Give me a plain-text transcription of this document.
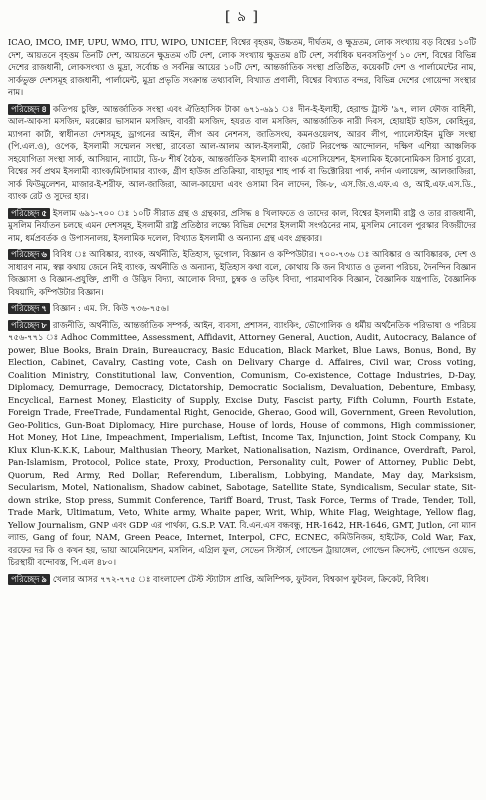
[ ৯ ]

ICAO, IMCO, IMF, UPU, WMO, ITU, WIPO, UNICEF, বিশ্বের বৃহত্তম, উচ্চতম, দীর্ঘতম, ও ক্ষুদ্রতম, লোক সংখ্যায় বড় বিশ্বের ১০টি দেশ, আয়তনে বৃহত্তম তিনটি দেশ, আয়তনে ক্ষুদ্রতম ৩টি দেশ, লোক সংখ্যায় ক্ষুদ্রতম ৪টি দেশ, সর্বাধিক ঘনবসতিপূর্ণ ১০ দেশ, বিশ্বের বিভিন্ন দেশের রাজধানী, লোকসংখ্যা ও মুদ্রা, সর্বোচ্চ ও সর্বনিম্ন আয়ের ১০টি দেশ, আন্তর্জাতিক সংস্থা প্রতিষ্ঠিত, কয়েকটি দেশ ও পার্লামেন্টের নাম, সার্কভুক্ত দেশসমূহ রাজধানী, পার্লামেন্ট, মুদ্রা প্রভৃতি সংক্রান্ত তথ্যাবলি, বিখ্যাত প্রণালী, বিশ্বের বিখ্যাত বন্দর, বিভিন্ন দেশের গোয়েন্দা সংস্থার নাম।

পরিচ্ছেদ ৪ কতিপয় চুক্তি, আন্তর্জাতিক সংস্থা এবং ঐতিহাসিক টাকা ৬৭১-৬৯১ ঃ দীন-ই-ইলাহী, হেরাল্ড ট্রাস্ট '৯৭, লাল ফৌজ বাহিনী, আল-আকসা মসজিদ, মরক্কোর ভাসমান মসজিদ, বাবরী মসজিদ, হযরত বাল মসজিদ, আন্তর্জাতিক নারী দিবস, হোয়াইট হাউস, কোহিনুর, ম্যাগনা কার্টা, স্বাধীনতা দেশসমূহ, ড্রাগনের আইন, লীগ অব নেশনস, জাতিসংঘ, কমনওয়েলথ, আরব লীগ, প্যালেস্টাইন মুক্তি সংস্থা (পি.এল.ও), ওপেক, ইসলামী সম্মেলন সংস্থা, রাবেতা আল-আলম আল-ইসলামী, জোট নিরপেক্ষ আন্দোলন, দক্ষিণ এশিয়া আঞ্চলিক সহযোগিতা সংস্থা সার্ক, আসিয়ান, ন্যাটো, ডি-৮ শীর্ষ বৈঠক, আন্তর্জাতিক ইসলামী ব্যাংক এসোসিয়েশন, ইসলামিক ইকোনোমিকস রিসার্চ ব্যুরো, বিশ্বের সর্ব প্রথম ইসলামী ব্যাংক/মিটগামার ব্যাংক, গ্রীণ হাউজ প্রতিক্রিয়া, বাহাদুর শাহ পার্ক বা ভিক্টোরিয়া পার্ক, নর্দান এলায়েন্স, আলজাজিরা, সার্ক ফিউমুলেশন, মাজার-ই-শরীফ, আল-জাজিরা, আল-কায়েদা এবং ওসামা বিন লাদেন, জি-৮, এস.জি.ও.এফ.এ ও, আই.এফ.এস.ডি., ব্যাংক রেট ও সুদের হার।

পরিচ্ছেদ ৫ ইসলাম ৬৯১-৭০০ ঃ ১০টি সীরাত গ্রন্থ ও গ্রন্থকার, প্রসিদ্ধ ৪ খিলাফতে ও তাদের কাল, বিশ্বের ইসলামী রাষ্ট্র ও তার রাজধানী, মুসলিম নির্যাতন চলছে এমন দেশসমূহ, ইসলামী রাষ্ট্র প্রতিষ্ঠার লক্ষ্যে বিভিন্ন দেশের ইসলামী সংগঠনের নাম, মুসলিম নোবেল পুরস্কার বিজয়ীদের নাম, ধর্মপ্রবর্তক ও উপাসনালয়, ইসলামিক দলেল, বিখ্যাত ইসলামী ও অন্যান্য গ্রন্থ এবং গ্রন্থকার।

পরিচ্ছেদ ৬ বিবিধ ঃ আবিষ্কার, ব্যাংক, অর্থনীতি, ইতিহাস, ভূগোল, বিজ্ঞান ও কম্পিউটার। ৭০০-৭৩৬ ঃ আবিষ্কার ও আবিষ্কারক, দেশ ও সাধারণ নাম, স্বল্প কথায় জেনে নিই ব্যাংক, অর্থনীতি ও অন্যান্য, ইতিহাস কথা বলে, কোথায় কি জন বিখ্যাত ও তুলনা পরিচয়, দৈনন্দিন বিজ্ঞান জিজ্ঞাসা ও বিজ্ঞান-প্রযুক্তি, প্রাণী ও উদ্ভিদ বিদ্যা, আলোক বিদ্যা, চুম্বক ও তড়িৎ বিদ্যা, পারমাণবিক বিজ্ঞান, বৈজ্ঞানিক যন্ত্রপাতি, বৈজ্ঞানিক বিষয়াদি, কম্পিউটার বিজ্ঞান।

পরিচ্ছেদ ৭ বিজ্ঞান : এম. সি. কিউ ৭৩৬-৭৫৬।

পরিচ্ছেদ ৮ রাজনীতি, অর্থনীতি, আন্তর্জাতিক সম্পর্ক, আইন, ব্যবসা, প্রশাসন, ব্যাংকিং, ভৌগোলিক ও ধর্মীয় অর্থনৈতিক পরিভাষা ও পরিচয় ৭৫৬-৭৭১ ঃ Adhoc Committee, Assessment, Affidavit, Attorney General, Auction, Audit, Autocracy, Balance of power, Blue Books, Brain Drain, Bureaucracy, Basic Education, Black Market, Blue Laws, Bonus, Bond, By Election, Cabinet, Cavalry, Casting vote, Cash on Delivary Charge d. Affaires, Civil war, Cross voting, Coalition Ministry, Constitutional law, Convention, Comunism, Co-existence, Cottage Industries, D-Day, Diplomacy, Demurrage, Democracy, Dictatorship, Democratic Socialism, Devaluation, Debenture, Embasy, Encyclical, Earnest Money, Elasticity of Supply, Excise Duty, Fascist party, Fifth Column, Fourth Estate, Foreign Trade, FreeTrade, Fundamental Right, Genocide, Gherao, Good will, Government, Green Revolution, Geo-Politics, Gun-Boat Diplomacy, Hire purchase, House of lords, House of commons, High commissioner, Hot Money, Hot Line, Impeachment, Imperialism, Leftist, Income Tax, Injunction, Joint Stock Company, Ku Klux Klun-K.K.K, Labour, Malthusian Theory, Market, Nationalisation, Nazism, Ordinance, Overdraft, Parol, Pan-Islamism, Protocol, Police state, Proxy, Production, Personality cult, Power of Attorney, Public Debt, Quorum, Red Army, Red Dollar, Referendum, Liberalism, Lobbying, Mandate, May day, Marksism, Secularism, Motel, Nationalism, Shadow cabinet, Sabotage, Satellite State, Syndicalism, Secular state, Sit-down strike, Stop press, Summit Conference, Tariff Board, Trust, Task Force, Terms of Trade, Tender, Toll, Trade Mark, Ultimatum, Veto, White army, Whaite paper, Writ, Whip, White Flag, Weightage, Yellow flag, Yellow Journalism, GNP এবং GDP এর পার্থক্য, G.S.P. VAT. বি.এন.এস বন্ধবন্ধু, HR-1642, HR-1646, GMT, Jutlon, নো ম্যান ল্যান্ড, Gang of four, NAM, Green Peace, Internet, Interpol, CFC, ECNEC, কমিউনিজম, হাইটেক, Cold War, Fax, বরফের দর কি ও কখন হয়, ভায়া আমেনিয়েশন, মসলিন, এগ্রিল ফুল, সেভেন সিস্টার্স, গোল্ডেন ট্রায়াঙ্গেল, গোল্ডেন ক্রিসেন্ট, গোল্ডেন ওয়েভ, চিরস্থায়ী বন্দোবস্ত, পি.এল ৪৮০।

পরিচ্ছেদ ৯ খেলার আসর ৭৭২-৭৭৫ ঃ বাংলাদেশ টেস্ট স্ট্যাটাস প্রাপ্তি, অলিম্পিক, ফুটবল, বিশ্বকাপ ফুটবল, ক্রিকেট, বিবিধ।
